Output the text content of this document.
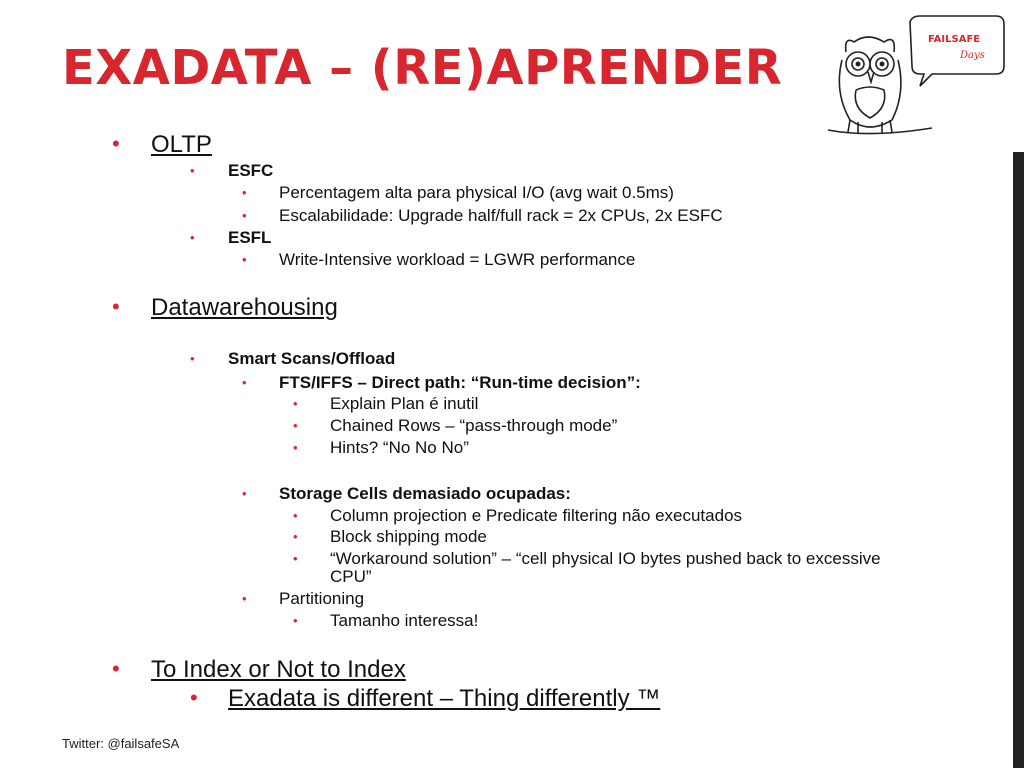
EXADATA – (RE)APRENDER
FAILSAFE
Days
• OLTP
• ESFC
• Percentagem alta para physical I/O (avg wait 0.5ms)
• Escalabilidade: Upgrade half/full rack = 2x CPUs, 2x ESFC
• ESFL
• Write-Intensive workload = LGWR performance
• Datawarehousing
• Smart Scans/Offload
• FTS/IFFS – Direct path: “Run-time decision”:
• Explain Plan é inutil
• Chained Rows – “pass-through mode”
• Hints? “No No No”
• Storage Cells demasiado ocupadas:
• Column projection e Predicate filtering não executados
• Block shipping mode
• “Workaround solution” – “cell physical IO bytes pushed back to excessive
CPU”
• Partitioning
• Tamanho interessa!
• To Index or Not to Index
• Exadata is different – Thing differently ™
Twitter: @failsafeSA
